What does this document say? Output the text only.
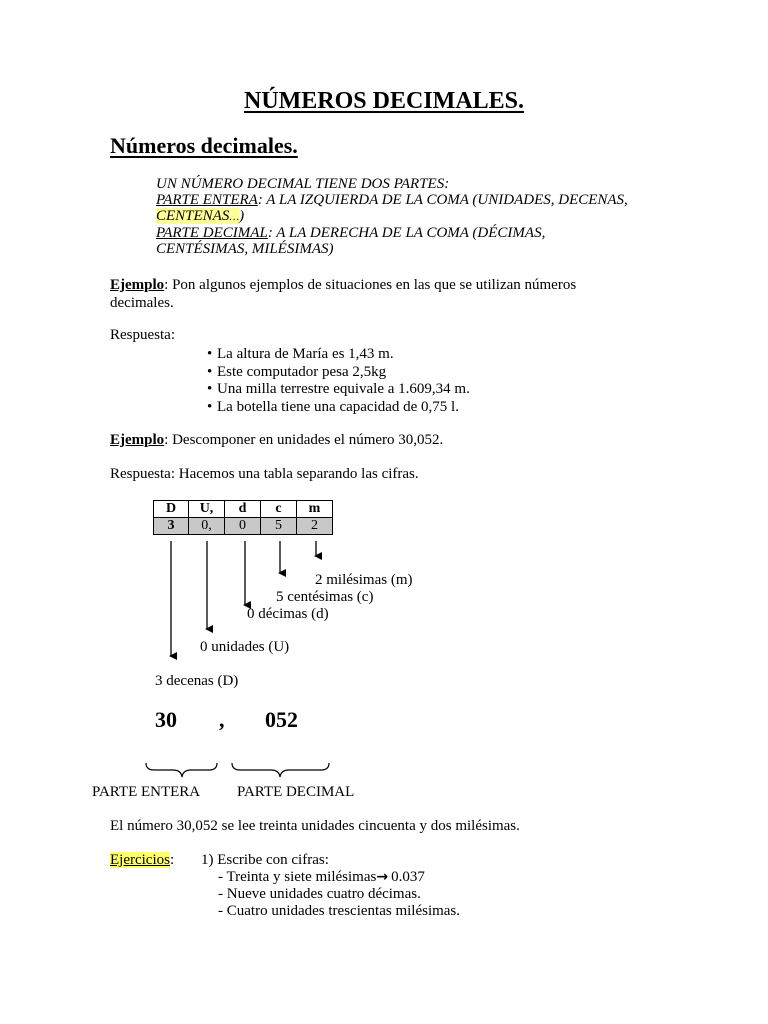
NÚMEROS DECIMALES.
Números decimales.
UN NÚMERO DECIMAL TIENE DOS PARTES:
PARTE ENTERA: A LA IZQUIERDA DE LA COMA (UNIDADES, DECENAS,
CENTENAS…)
PARTE DECIMAL: A LA DERECHA DE LA COMA (DÉCIMAS,
CENTÉSIMAS, MILÉSIMAS)
Ejemplo: Pon algunos ejemplos de situaciones en las que se utilizan números
decimales.
Respuesta:
• La altura de María es 1,43 m.
• Este computador pesa 2,5kg
• Una milla terrestre equivale a 1.609,34 m.
• La botella tiene una capacidad de 0,75 l.
Ejemplo: Descomponer en unidades el número 30,052.
Respuesta: Hacemos una tabla separando las cifras.
D	U,	d	c	m
3	0,	0	5	2
2 milésimas (m)
5 centésimas (c)
0 décimas (d)
0 unidades (U)
3 decenas (D)
30 , 052
PARTE ENTERA PARTE DECIMAL
El número 30,052 se lee treinta unidades cincuenta y dos milésimas.
Ejercicios: 1) Escribe con cifras:
- Treinta y siete milésimas→ 0.037
- Nueve unidades cuatro décimas.
- Cuatro unidades trescientas milésimas.
